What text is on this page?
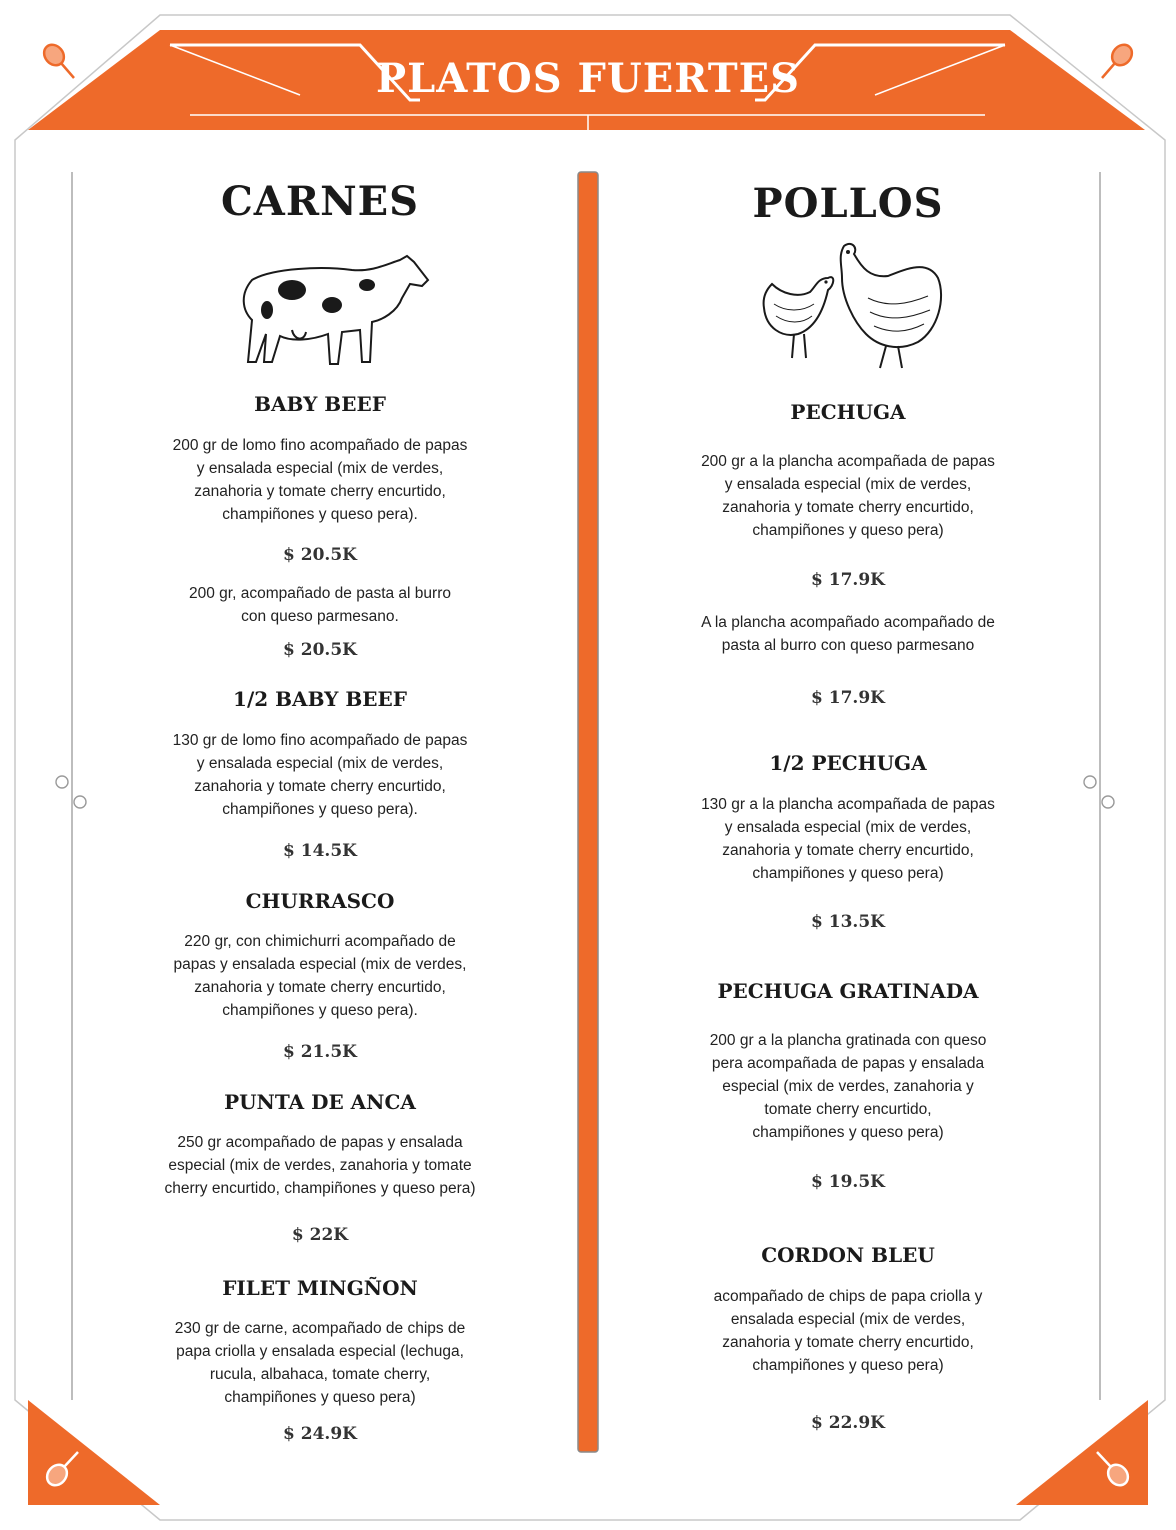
PLATOS FUERTES
CARNES
BABY BEEF
200 gr de lomo fino acompañado de papas
y ensalada especial (mix de verdes,
zanahoria y tomate cherry encurtido,
champiñones y queso pera).
$ 20.5K
200 gr, acompañado de pasta al burro
con queso parmesano.
$ 20.5K
1/2 BABY BEEF
130 gr de lomo fino acompañado de papas
y ensalada especial (mix de verdes,
zanahoria y tomate cherry encurtido,
champiñones y queso pera).
$ 14.5K
CHURRASCO
220 gr, con chimichurri acompañado de
papas y ensalada especial (mix de verdes,
zanahoria y tomate cherry encurtido,
champiñones y queso pera).
$ 21.5K
PUNTA DE ANCA
250 gr acompañado de papas y ensalada
especial (mix de verdes, zanahoria y tomate
cherry encurtido, champiñones y queso pera)
$ 22K
FILET MINGÑON
230 gr de carne, acompañado de chips de
papa criolla y ensalada especial (lechuga,
rucula, albahaca, tomate cherry,
champiñones y queso pera)
$ 24.9K
POLLOS
PECHUGA
200 gr a la plancha acompañada de papas
y ensalada especial (mix de verdes,
zanahoria y tomate cherry encurtido,
champiñones y queso pera)
$ 17.9K
A la plancha acompañado acompañado de
pasta al burro con queso parmesano
$ 17.9K
1/2 PECHUGA
130 gr a la plancha acompañada de papas
y ensalada especial (mix de verdes,
zanahoria y tomate cherry encurtido,
champiñones y queso pera)
$ 13.5K
PECHUGA GRATINADA
200 gr a la plancha gratinada con queso
pera acompañada de papas y ensalada
especial (mix de verdes, zanahoria y
tomate cherry encurtido,
champiñones y queso pera)
$ 19.5K
CORDON BLEU
acompañado de chips de papa criolla y
ensalada especial (mix de verdes,
zanahoria y tomate cherry encurtido,
champiñones y queso pera)
$ 22.9K
